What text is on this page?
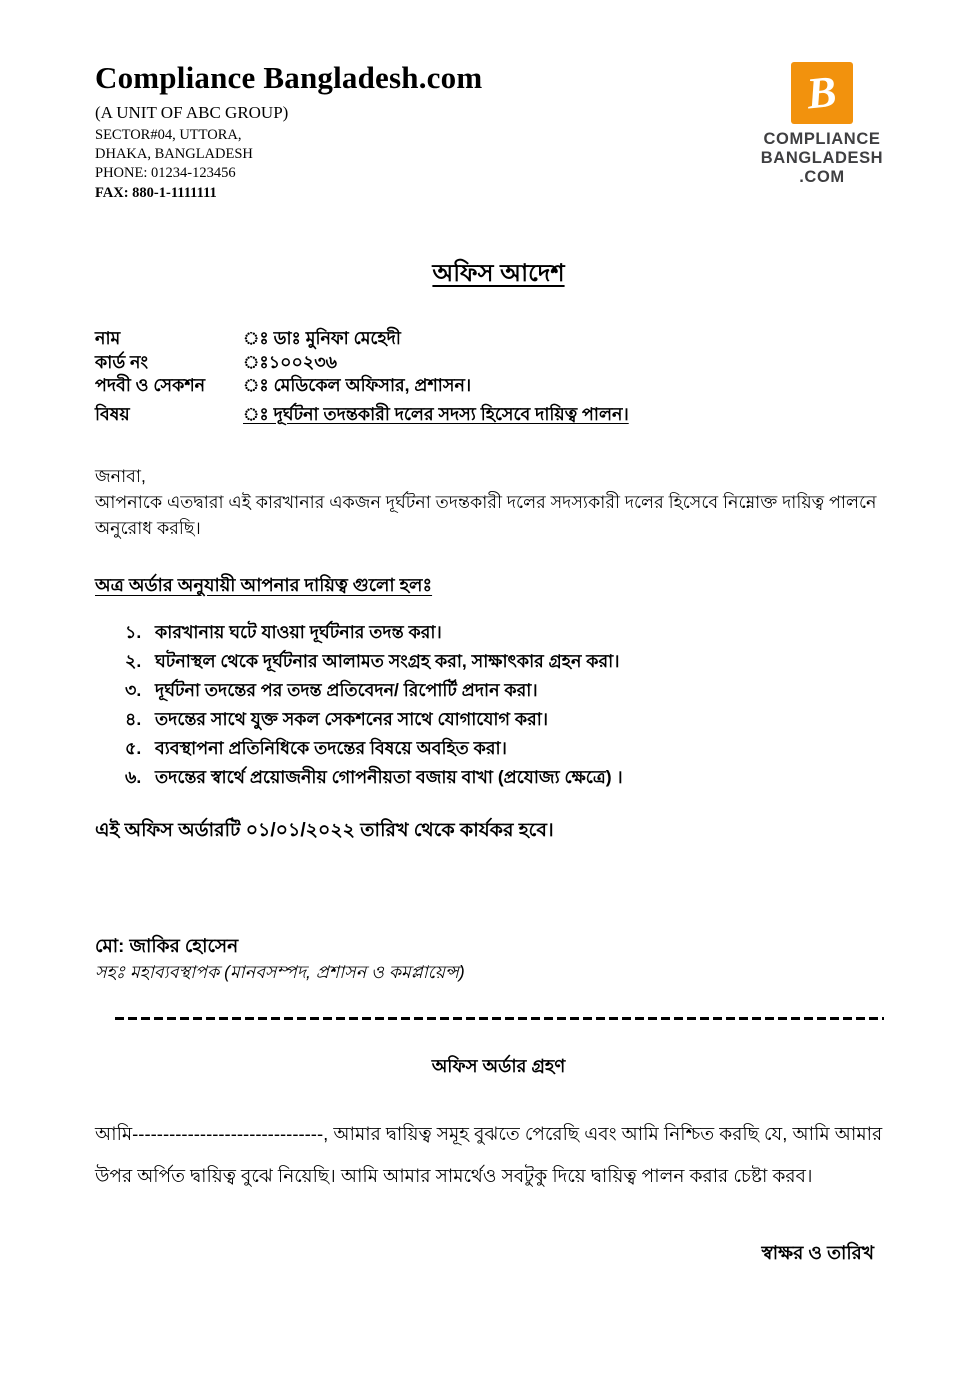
Compliance Bangladesh.com
(A UNIT OF ABC GROUP)
SECTOR#04, UTTORA,
DHAKA, BANGLADESH
PHONE: 01234-123456
FAX: 880-1-1111111
B
COMPLIANCE
BANGLADESH
.COM
অফিস আদেশ
নাম	ঃ ডাঃ মুনিফা মেহেদী
কার্ড নং	ঃ১০০২৩৬
পদবী ও সেকশন	ঃ মেডিকেল অফিসার, প্রশাসন।
বিষয়	ঃ দূর্ঘটনা তদন্তকারী দলের সদস্য হিসেবে দায়িত্ব পালন।
জনাবা,
আপনাকে এতদ্বারা এই কারখানার একজন দূর্ঘটনা তদন্তকারী দলের সদস্যকারী দলের হিসেবে নিম্নোক্ত দায়িত্ব পালনে অনুরোধ করছি।
অত্র অর্ডার অনুযায়ী আপনার দায়িত্ব গুলো হলঃ
১. কারখানায় ঘটে যাওয়া দূর্ঘটনার তদন্ত করা।
২. ঘটনাস্থল থেকে দূর্ঘটনার আলামত সংগ্রহ করা, সাক্ষাৎকার গ্রহন করা।
৩. দূর্ঘটনা তদন্তের পর তদন্ত প্রতিবেদন/ রিপোর্টি প্রদান করা।
৪. তদন্তের সাথে যুক্ত সকল সেকশনের সাথে যোগাযোগ করা।
৫. ব্যবস্থাপনা প্রতিনিধিকে তদন্তের বিষয়ে অবহিত করা।
৬. তদন্তের স্বার্থে প্রয়োজনীয় গোপনীয়তা বজায় বাখা (প্রযোজ্য ক্ষেত্রে) ।
এই অফিস অর্ডারটি ০১/০১/২০২২ তারিখ থেকে কার্যকর হবে।
মো: জাকির হোসেন
সহঃ মহাব্যবস্থাপক (মানবসম্পদ, প্রশাসন ও কমপ্লায়েন্স)
অফিস অর্ডার গ্রহণ
আমি-------------------------------, আমার দ্বায়িত্ব সমূহ বুঝতে পেরেছি এবং আমি নিশ্চিত করছি যে, আমি আমার উপর অর্পিত দ্বায়িত্ব বুঝে নিয়েছি। আমি আমার সামর্থেও সবটুকু দিয়ে দ্বায়িত্ব পালন করার চেষ্টা করব।
স্বাক্ষর ও তারিখ
